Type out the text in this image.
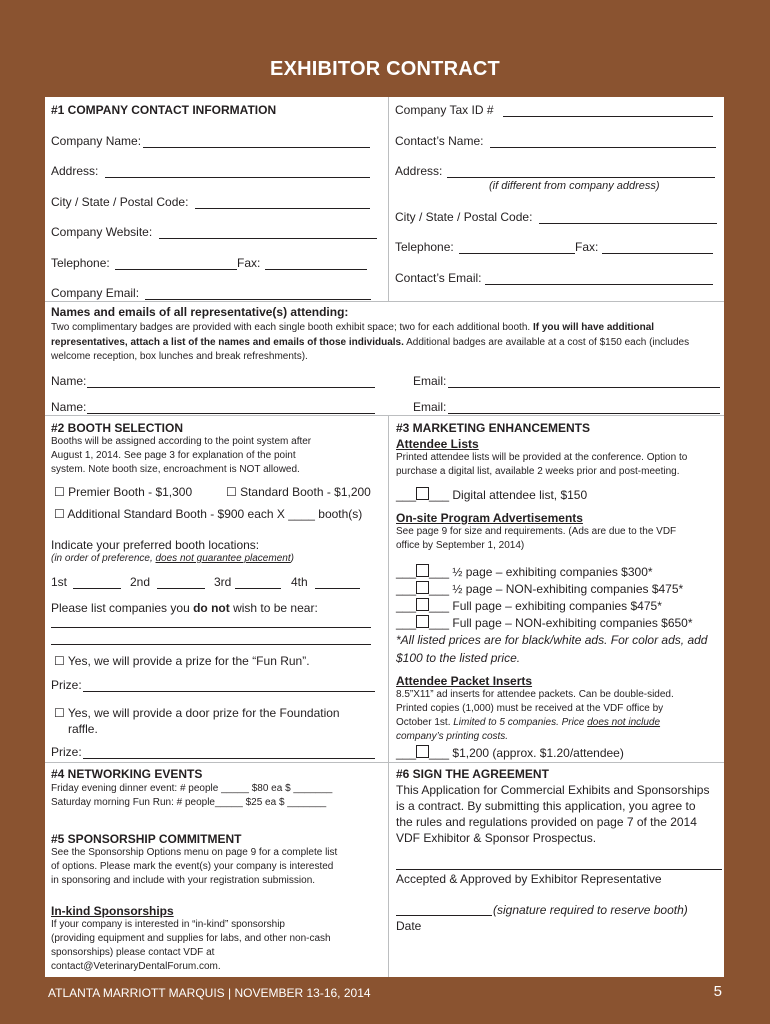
EXHIBITOR CONTRACT
#1 COMPANY CONTACT INFORMATION
Company Name:
Address:
City / State / Postal Code:
Company Website:
Telephone:	Fax:
Company Email:
Company Tax ID #
Contact’s Name:
Address:
(if different from company address)
City / State / Postal Code:
Telephone:	Fax:
Contact’s Email:
Names and emails of all representative(s) attending:
Two complimentary badges are provided with each single booth exhibit space; two for each additional booth. If you will have additional representatives, attach a list of the names and emails of those individuals. Additional badges are available at a cost of $150 each (includes welcome reception, box lunches and break refreshments).
Name:	Email:
Name:	Email:
#2 BOOTH SELECTION
Booths will be assigned according to the point system after
August 1, 2014. See page 3 for explanation of the point
system. Note booth size, encroachment is NOT allowed.
☐ Premier Booth - $1,300	☐ Standard Booth - $1,200
☐ Additional Standard Booth - $900 each X ____ booth(s)
Indicate your preferred booth locations:
(in order of preference, does not guarantee placement)
1st	2nd	3rd	4th
Please list companies you do not wish to be near:
☐ Yes, we will provide a prize for the “Fun Run”.
Prize:
☐ Yes, we will provide a door prize for the Foundation
raffle.
Prize:
#3 MARKETING ENHANCEMENTS
Attendee Lists
Printed attendee lists will be provided at the conference. Option to
purchase a digital list, available 2 weeks prior and post-meeting.
___ ___ Digital attendee list, $150
On-site Program Advertisements
See page 9 for size and requirements. (Ads are due to the VDF
office by September 1, 2014)
___ ___ ½ page – exhibiting companies $300*
___ ___ ½ page – NON-exhibiting companies $475*
___ ___ Full page – exhibiting companies $475*
___ ___ Full page – NON-exhibiting companies $650*
*All listed prices are for black/white ads. For color ads, add
$100 to the listed price.
Attendee Packet Inserts
8.5”X11” ad inserts for attendee packets. Can be double-sided.
Printed copies (1,000) must be received at the VDF office by
October 1st. Limited to 5 companies. Price does not include
company’s printing costs.
___ ___ $1,200 (approx. $1.20/attendee)
#4 NETWORKING EVENTS
Friday evening dinner event: # people _____ $80 ea $ _______
Saturday morning Fun Run: # people_____ $25 ea $ _______
#5 SPONSORSHIP COMMITMENT
See the Sponsorship Options menu on page 9 for a complete list
of options. Please mark the event(s) your company is interested
in sponsoring and include with your registration submission.
In-kind Sponsorships
If your company is interested in “in-kind” sponsorship
(providing equipment and supplies for labs, and other non-cash
sponsorships) please contact VDF at
contact@VeterinaryDentalForum.com.
#6 SIGN THE AGREEMENT
This Application for Commercial Exhibits and Sponsorships
is a contract. By submitting this application, you agree to
the rules and regulations provided on page 7 of the 2014
VDF Exhibitor & Sponsor Prospectus.
Accepted & Approved by Exhibitor Representative
(signature required to reserve booth)
Date
ATLANTA MARRIOTT MARQUIS | NOVEMBER 13-16, 2014	5
